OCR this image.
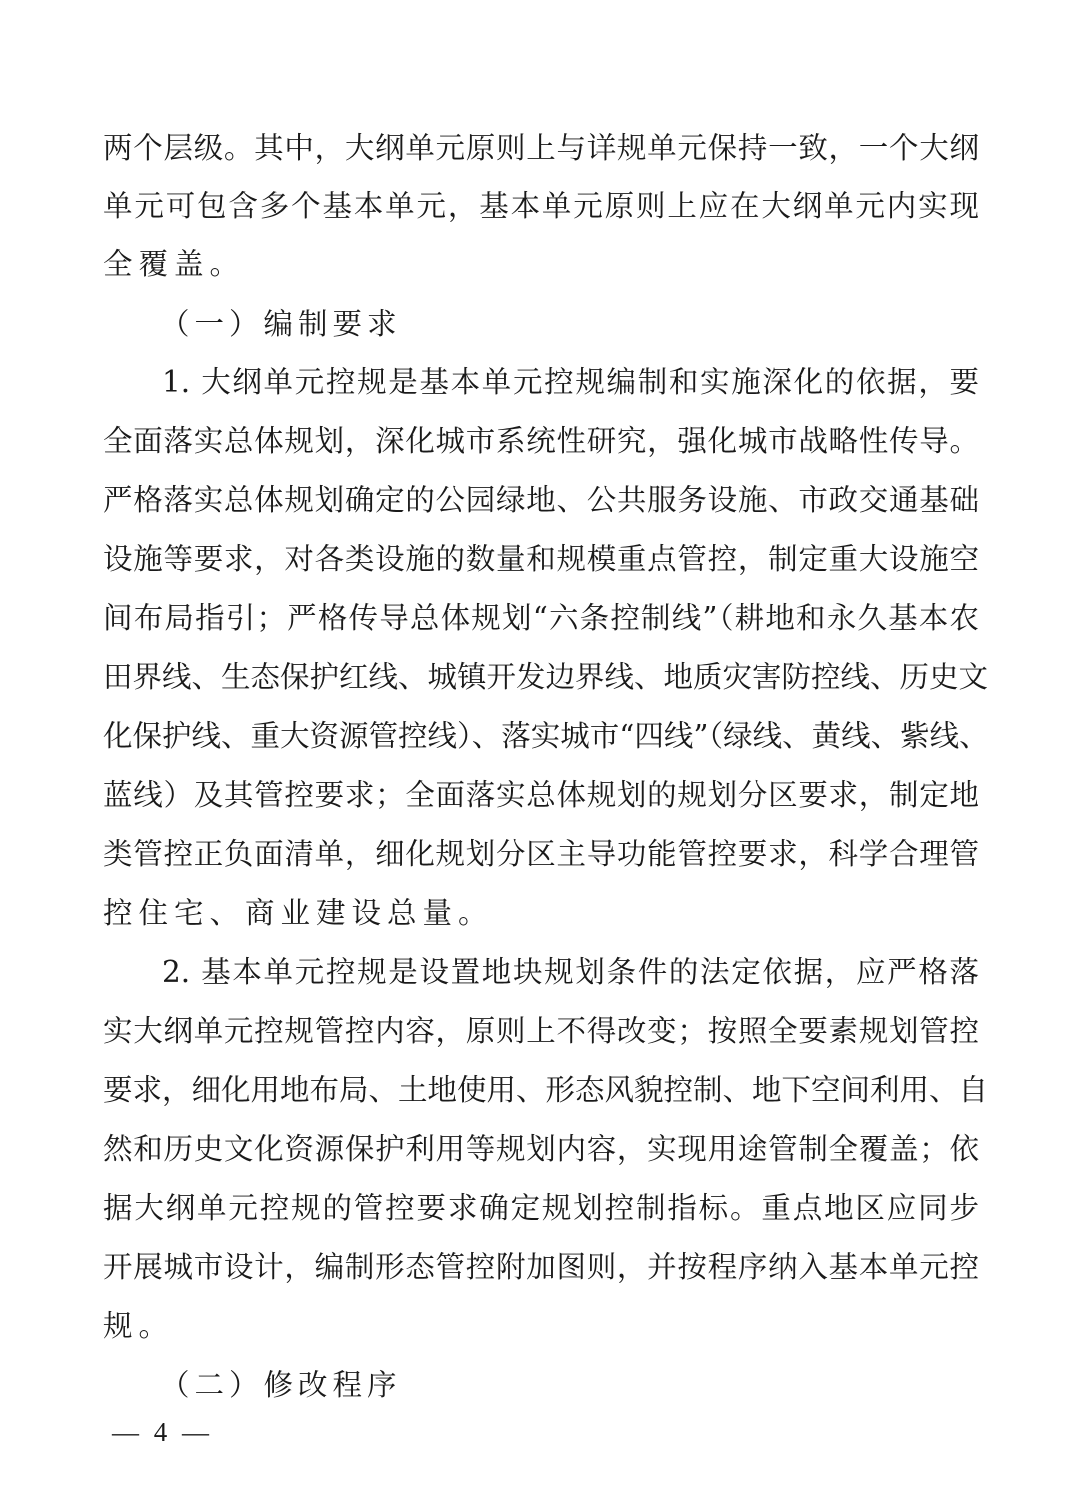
两个层级。其中，大纲单元原则上与详规单元保持一致，一个大纲
单元可包含多个基本单元，基本单元原则上应在大纲单元内实现
全覆盖。
（一）编制要求
1. 大纲单元控规是基本单元控规编制和实施深化的依据，要
全面落实总体规划，深化城市系统性研究，强化城市战略性传导。
严格落实总体规划确定的公园绿地、公共服务设施、市政交通基础
设施等要求，对各类设施的数量和规模重点管控，制定重大设施空
间布局指引；严格传导总体规划“六条控制线”（耕地和永久基本农
田界线、生态保护红线、城镇开发边界线、地质灾害防控线、历史文
化保护线、重大资源管控线）、落实城市“四线”（绿线、黄线、紫线、
蓝线）及其管控要求；全面落实总体规划的规划分区要求，制定地
类管控正负面清单，细化规划分区主导功能管控要求，科学合理管
控住宅、商业建设总量。
2. 基本单元控规是设置地块规划条件的法定依据，应严格落
实大纲单元控规管控内容，原则上不得改变；按照全要素规划管控
要求，细化用地布局、土地使用、形态风貌控制、地下空间利用、自
然和历史文化资源保护利用等规划内容，实现用途管制全覆盖；依
据大纲单元控规的管控要求确定规划控制指标。重点地区应同步
开展城市设计，编制形态管控附加图则，并按程序纳入基本单元控
规。
（二）修改程序
— 4 —
